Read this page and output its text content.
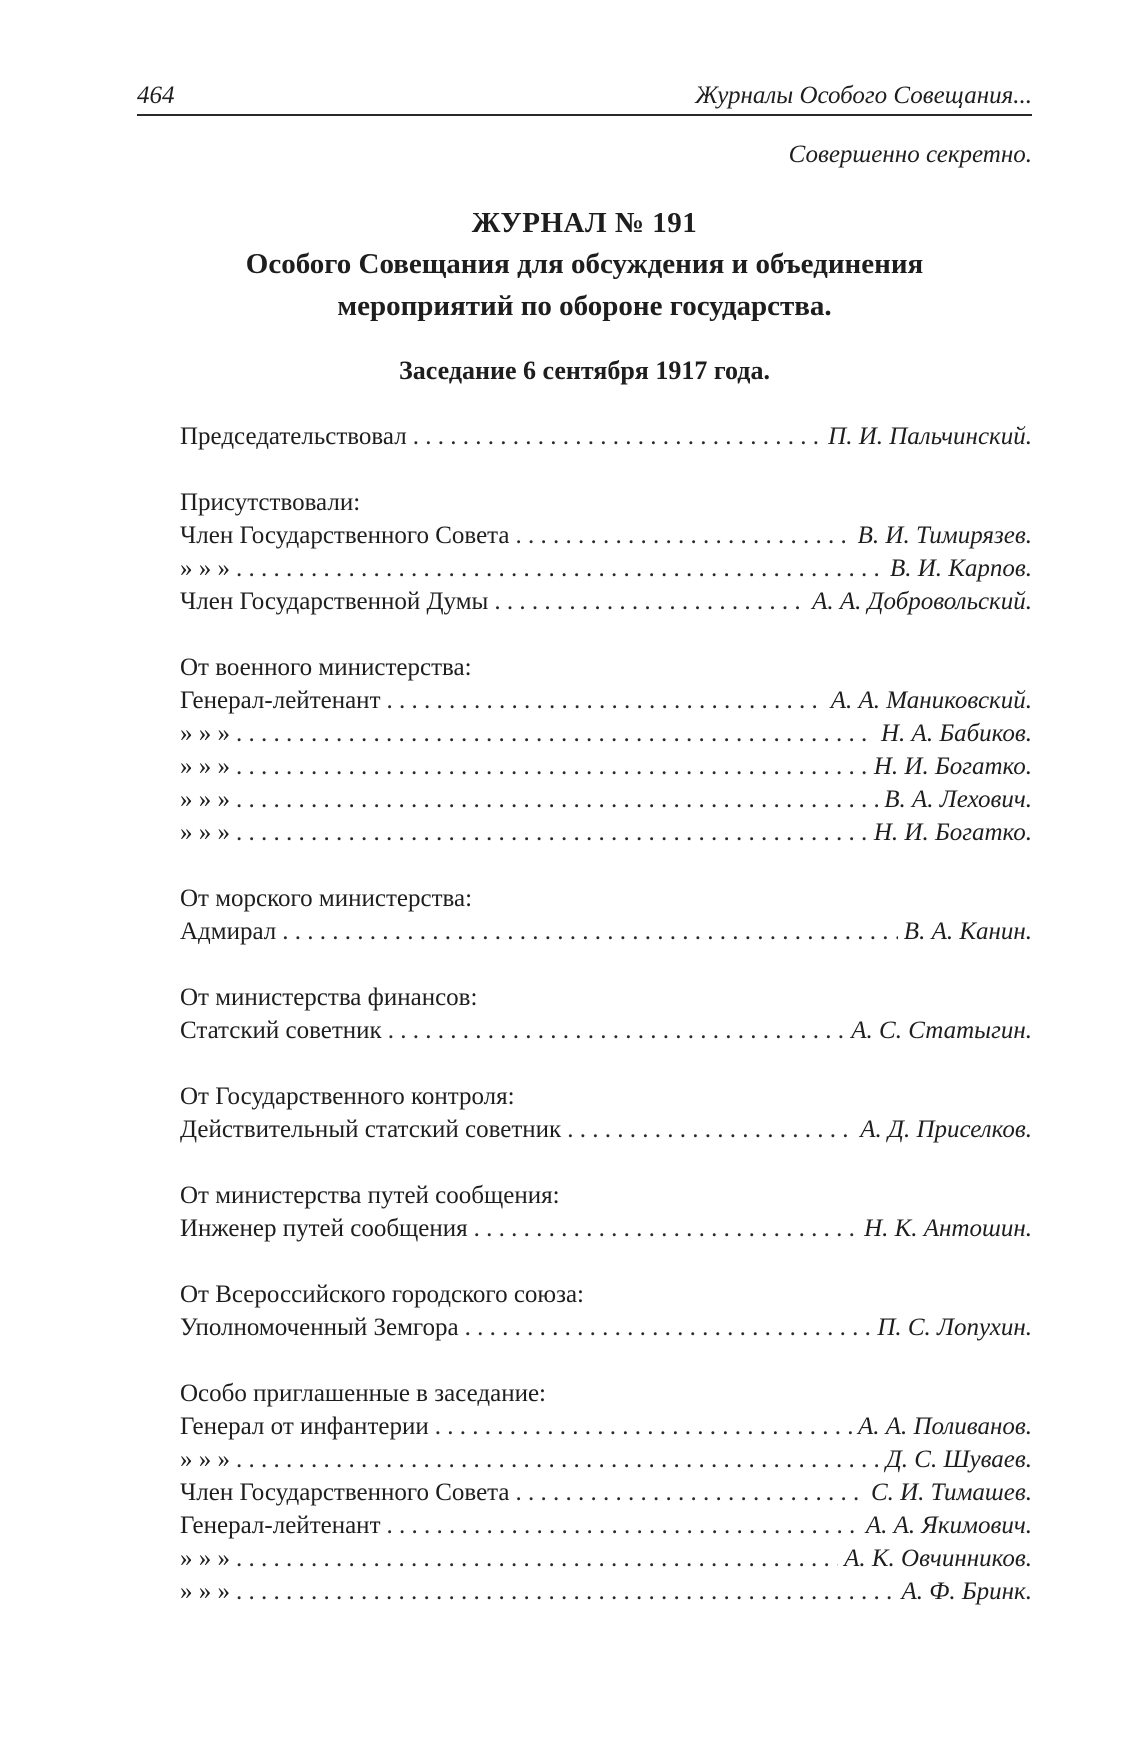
464	Журналы Особого Совещания...
Совершенно секретно.
ЖУРНАЛ № 191
Особого Совещания для обсуждения и объединения
мероприятий по обороне государства.
Заседание 6 сентября 1917 года.
Председательствовал . . .	П. И. Пальчинский.
Присутствовали:
Член Государственного Совета . . .	В. И. Тимирязев.
» » » . . .	В. И. Карпов.
Член Государственной Думы . . .	А. А. Добровольский.
От военного министерства:
Генерал-лейтенант . . .	А. А. Маниковский.
» » » . . .	Н. А. Бабиков.
» » » . . .	Н. И. Богатко.
» » » . . .	В. А. Лехович.
» » » . . .	Н. И. Богатко.
От морского министерства:
Адмирал . . .	В. А. Канин.
От министерства финансов:
Статский советник . . .	А. С. Статыгин.
От Государственного контроля:
Действительный статский советник . . .	А. Д. Приселков.
От министерства путей сообщения:
Инженер путей сообщения . . .	Н. К. Антошин.
От Всероссийского городского союза:
Уполномоченный Земгора . . .	П. С. Лопухин.
Особо приглашенные в заседание:
Генерал от инфантерии . . .	А. А. Поливанов.
» » » . . .	Д. С. Шуваев.
Член Государственного Совета . . .	С. И. Тимашев.
Генерал-лейтенант . . .	А. А. Якимович.
» » » . . .	А. К. Овчинников.
» » » . . .	А. Ф. Бринк.
